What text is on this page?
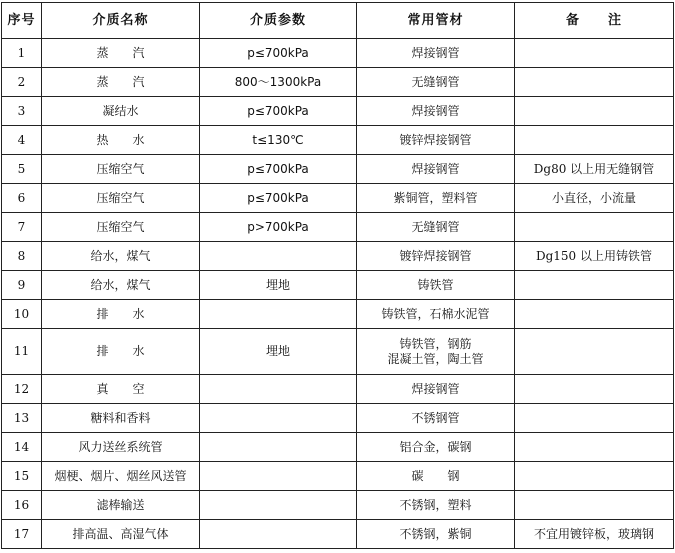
序号	介质名称	介质参数	常用管材	备　　注
1	蒸　　汽	p≤700kPa	焊接钢管	
2	蒸　　汽	800～1300kPa	无缝钢管	
3	凝结水	p≤700kPa	焊接钢管	
4	热　　水	t≤130℃	镀锌焊接钢管	
5	压缩空气	p≤700kPa	焊接钢管	Dg80 以上用无缝钢管
6	压缩空气	p≤700kPa	紫铜管，塑料管	小直径，小流量
7	压缩空气	p>700kPa	无缝钢管	
8	给水，煤气		镀锌焊接钢管	Dg150 以上用铸铁管
9	给水，煤气	埋地	铸铁管	
10	排　　水		铸铁管，石棉水泥管	
11	排　　水	埋地	铸铁管，钢筋
混凝土管，陶土管	

12	真　　空		焊接钢管	
13	糖料和香料		不锈钢管	
14	风力送丝系统管		铝合金，碳钢	
15	烟梗、烟片、烟丝风送管		碳　　钢	
16	滤棒输送		不锈钢，塑料	
17	排高温、高湿气体		不锈钢，紫铜	不宜用镀锌板，玻璃钢
